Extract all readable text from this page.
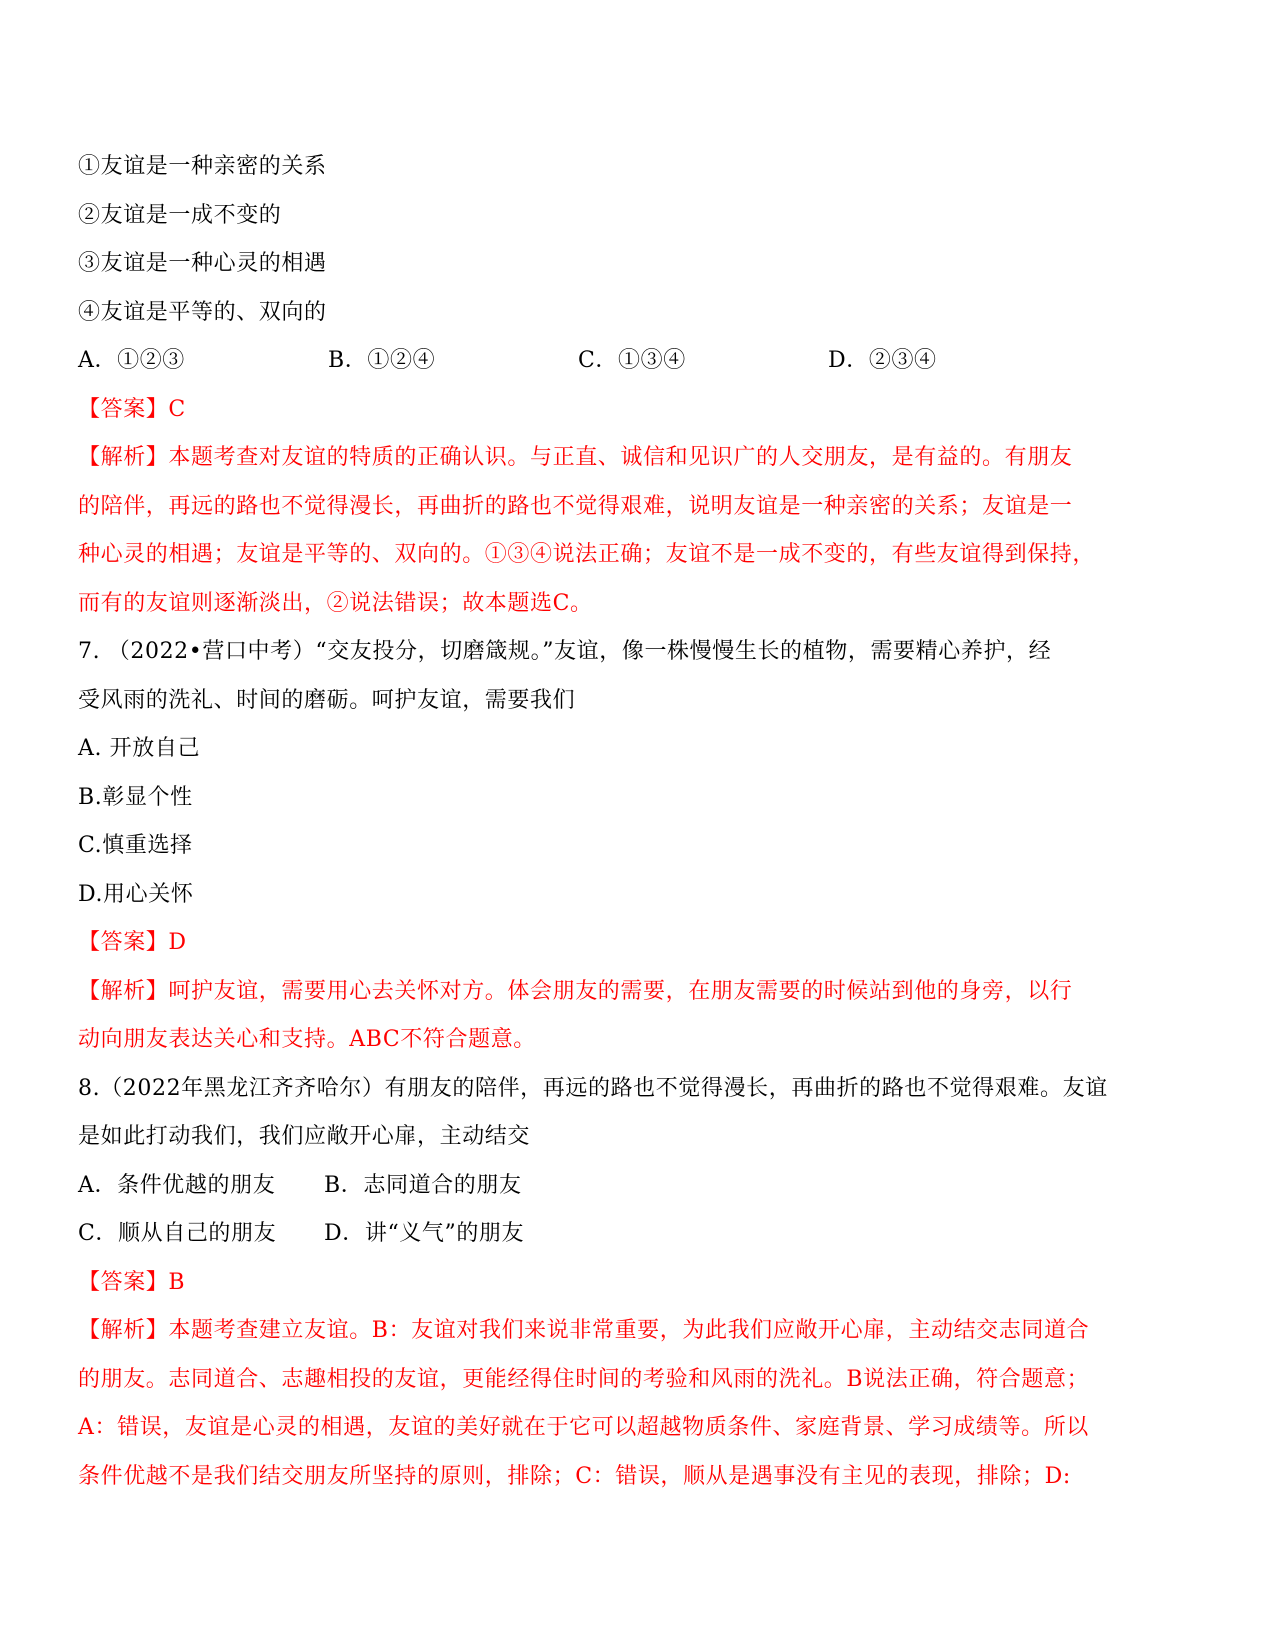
①友谊是一种亲密的关系
②友谊是一成不变的
③友谊是一种心灵的相遇
④友谊是平等的、双向的
A．①②③	B．①②④	C．①③④	D．②③④
【答案】C
【解析】本题考查对友谊的特质的正确认识。与正直、诚信和见识广的人交朋友，是有益的。有朋友
的陪伴，再远的路也不觉得漫长，再曲折的路也不觉得艰难，说明友谊是一种亲密的关系；友谊是一
种心灵的相遇；友谊是平等的、双向的。①③④说法正确；友谊不是一成不变的，有些友谊得到保持，
而有的友谊则逐渐淡出，②说法错误；故本题选C。
7. （2022•营口中考）“交友投分，切磨箴规。”友谊，像一株慢慢生长的植物，需要精心养护，经
受风雨的洗礼、时间的磨砺。呵护友谊，需要我们
A. 开放自己
B.彰显个性
C.慎重选择
D.用心关怀
【答案】D
【解析】呵护友谊，需要用心去关怀对方。体会朋友的需要，在朋友需要的时候站到他的身旁，以行
动向朋友表达关心和支持。ABC不符合题意。
8.（2022年黑龙江齐齐哈尔）有朋友的陪伴，再远的路也不觉得漫长，再曲折的路也不觉得艰难。友谊
是如此打动我们，我们应敞开心扉，主动结交
A．条件优越的朋友 B．志同道合的朋友
C．顺从自己的朋友 D．讲“义气”的朋友
【答案】B
【解析】本题考查建立友谊。B：友谊对我们来说非常重要，为此我们应敞开心扉，主动结交志同道合
的朋友。志同道合、志趣相投的友谊，更能经得住时间的考验和风雨的洗礼。B说法正确，符合题意；
A：错误，友谊是心灵的相遇，友谊的美好就在于它可以超越物质条件、家庭背景、学习成绩等。所以
条件优越不是我们结交朋友所坚持的原则，排除；C：错误，顺从是遇事没有主见的表现，排除；D:
